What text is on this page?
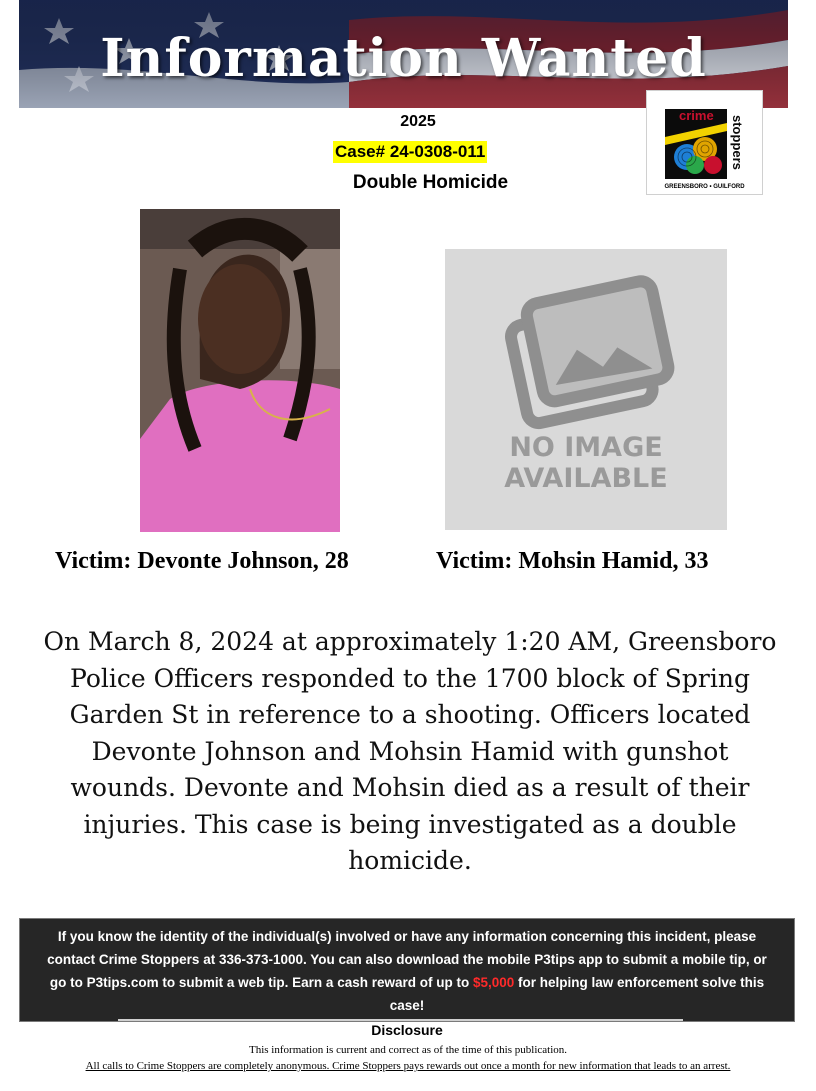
Information Wanted
2025
Case# 24-0308-011
Double Homicide
crime stoppers
GREENSBORO • GUILFORD
NO IMAGE
AVAILABLE
Victim: Devonte Johnson, 28	Victim: Mohsin Hamid, 33
On March 8, 2024 at approximately 1:20 AM, Greensboro Police Officers responded to the 1700 block of Spring Garden St in reference to a shooting. Officers located Devonte Johnson and Mohsin Hamid with gunshot wounds. Devonte and Mohsin died as a result of their injuries. This case is being investigated as a double homicide.
If you know the identity of the individual(s) involved or have any information concerning this incident, please contact Crime Stoppers at 336-373-1000. You can also download the mobile P3tips app to submit a mobile tip, or go to P3tips.com to submit a web tip. Earn a cash reward of up to $5,000 for helping law enforcement solve this case!
Disclosure
This information is current and correct as of the time of this publication.
All calls to Crime Stoppers are completely anonymous. Crime Stoppers pays rewards out once a month for new information that leads to an arrest.
